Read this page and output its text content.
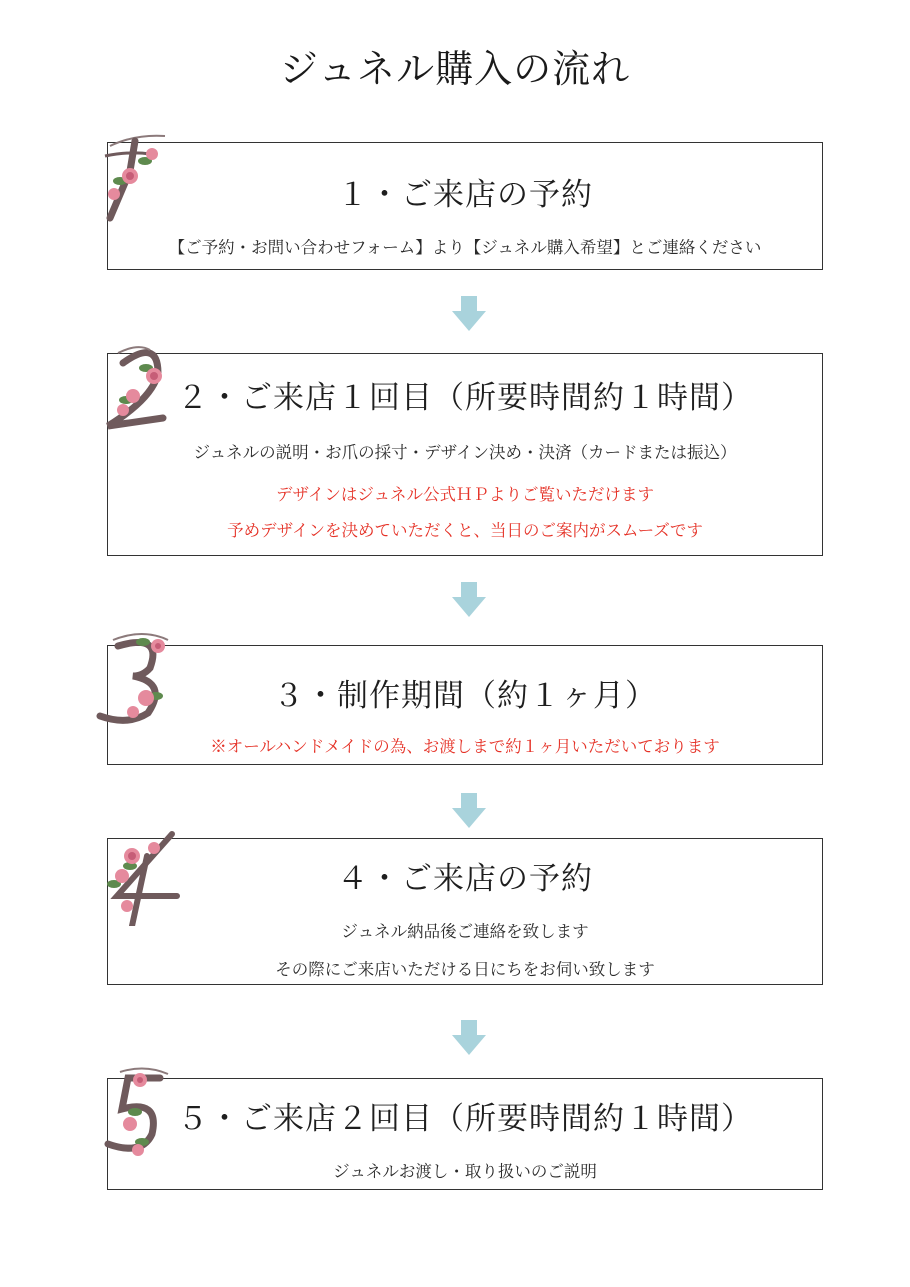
ジュネル購入の流れ
１・ご来店の予約

【ご予約・お問い合わせフォーム】より【ジュネル購入希望】とご連絡ください

２・ご来店１回目（所要時間約１時間）

ジュネルの説明・お爪の採寸・デザイン決め・決済（カードまたは振込）

デザインはジュネル公式ＨＰよりご覧いただけます

予めデザインを決めていただくと、当日のご案内がスムーズです

３・制作期間（約１ヶ月）

※オールハンドメイドの為、お渡しまで約１ヶ月いただいております

４・ご来店の予約

ジュネル納品後ご連絡を致します

その際にご来店いただける日にちをお伺い致します

５・ご来店２回目（所要時間約１時間）

ジュネルお渡し・取り扱いのご説明
